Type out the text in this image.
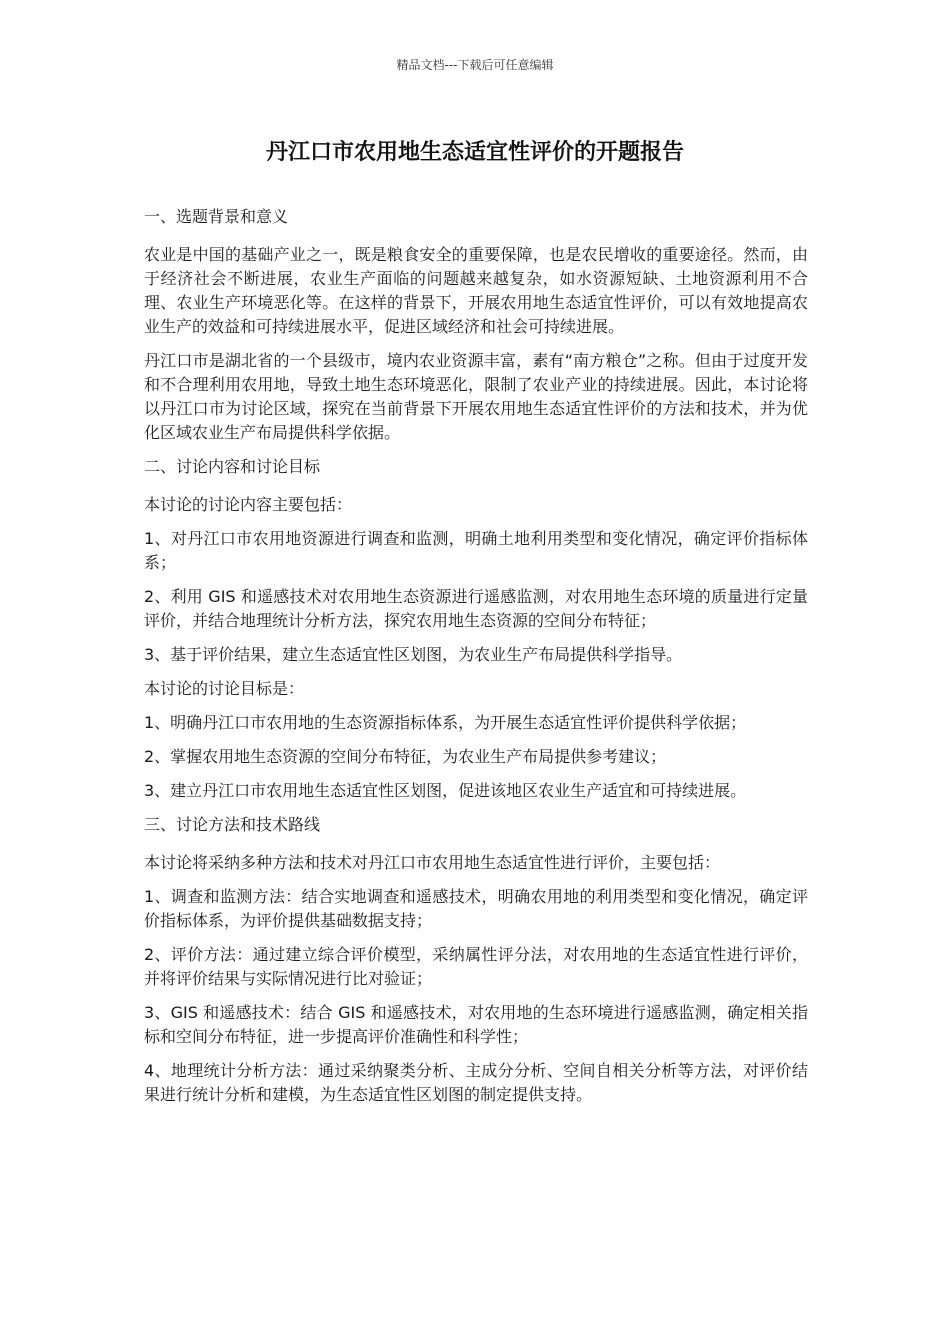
精品文档---下载后可任意编辑
丹江口市农用地生态适宜性评价的开题报告

一、选题背景和意义

农业是中国的基础产业之一，既是粮食安全的重要保障，也是农民增收的重要途径。然而，由于经济社会不断进展，农业生产面临的问题越来越复杂，如水资源短缺、土地资源利用不合理、农业生产环境恶化等。在这样的背景下，开展农用地生态适宜性评价，可以有效地提高农业生产的效益和可持续进展水平，促进区域经济和社会可持续进展。

丹江口市是湖北省的一个县级市，境内农业资源丰富，素有“南方粮仓”之称。但由于过度开发和不合理利用农用地，导致土地生态环境恶化，限制了农业产业的持续进展。因此，本讨论将以丹江口市为讨论区域，探究在当前背景下开展农用地生态适宜性评价的方法和技术，并为优化区域农业生产布局提供科学依据。

二、讨论内容和讨论目标

本讨论的讨论内容主要包括：

1、对丹江口市农用地资源进行调查和监测，明确土地利用类型和变化情况，确定评价指标体系；

2、利用 GIS 和遥感技术对农用地生态资源进行遥感监测，对农用地生态环境的质量进行定量评价，并结合地理统计分析方法，探究农用地生态资源的空间分布特征；

3、基于评价结果，建立生态适宜性区划图，为农业生产布局提供科学指导。

本讨论的讨论目标是：

1、明确丹江口市农用地的生态资源指标体系，为开展生态适宜性评价提供科学依据；

2、掌握农用地生态资源的空间分布特征，为农业生产布局提供参考建议；

3、建立丹江口市农用地生态适宜性区划图，促进该地区农业生产适宜和可持续进展。

三、讨论方法和技术路线

本讨论将采纳多种方法和技术对丹江口市农用地生态适宜性进行评价，主要包括：

1、调查和监测方法：结合实地调查和遥感技术，明确农用地的利用类型和变化情况，确定评价指标体系，为评价提供基础数据支持；

2、评价方法：通过建立综合评价模型，采纳属性评分法，对农用地的生态适宜性进行评价，并将评价结果与实际情况进行比对验证；

3、GIS 和遥感技术：结合 GIS 和遥感技术，对农用地的生态环境进行遥感监测，确定相关指标和空间分布特征，进一步提高评价准确性和科学性；

4、地理统计分析方法：通过采纳聚类分析、主成分分析、空间自相关分析等方法，对评价结果进行统计分析和建模，为生态适宜性区划图的制定提供支持。
